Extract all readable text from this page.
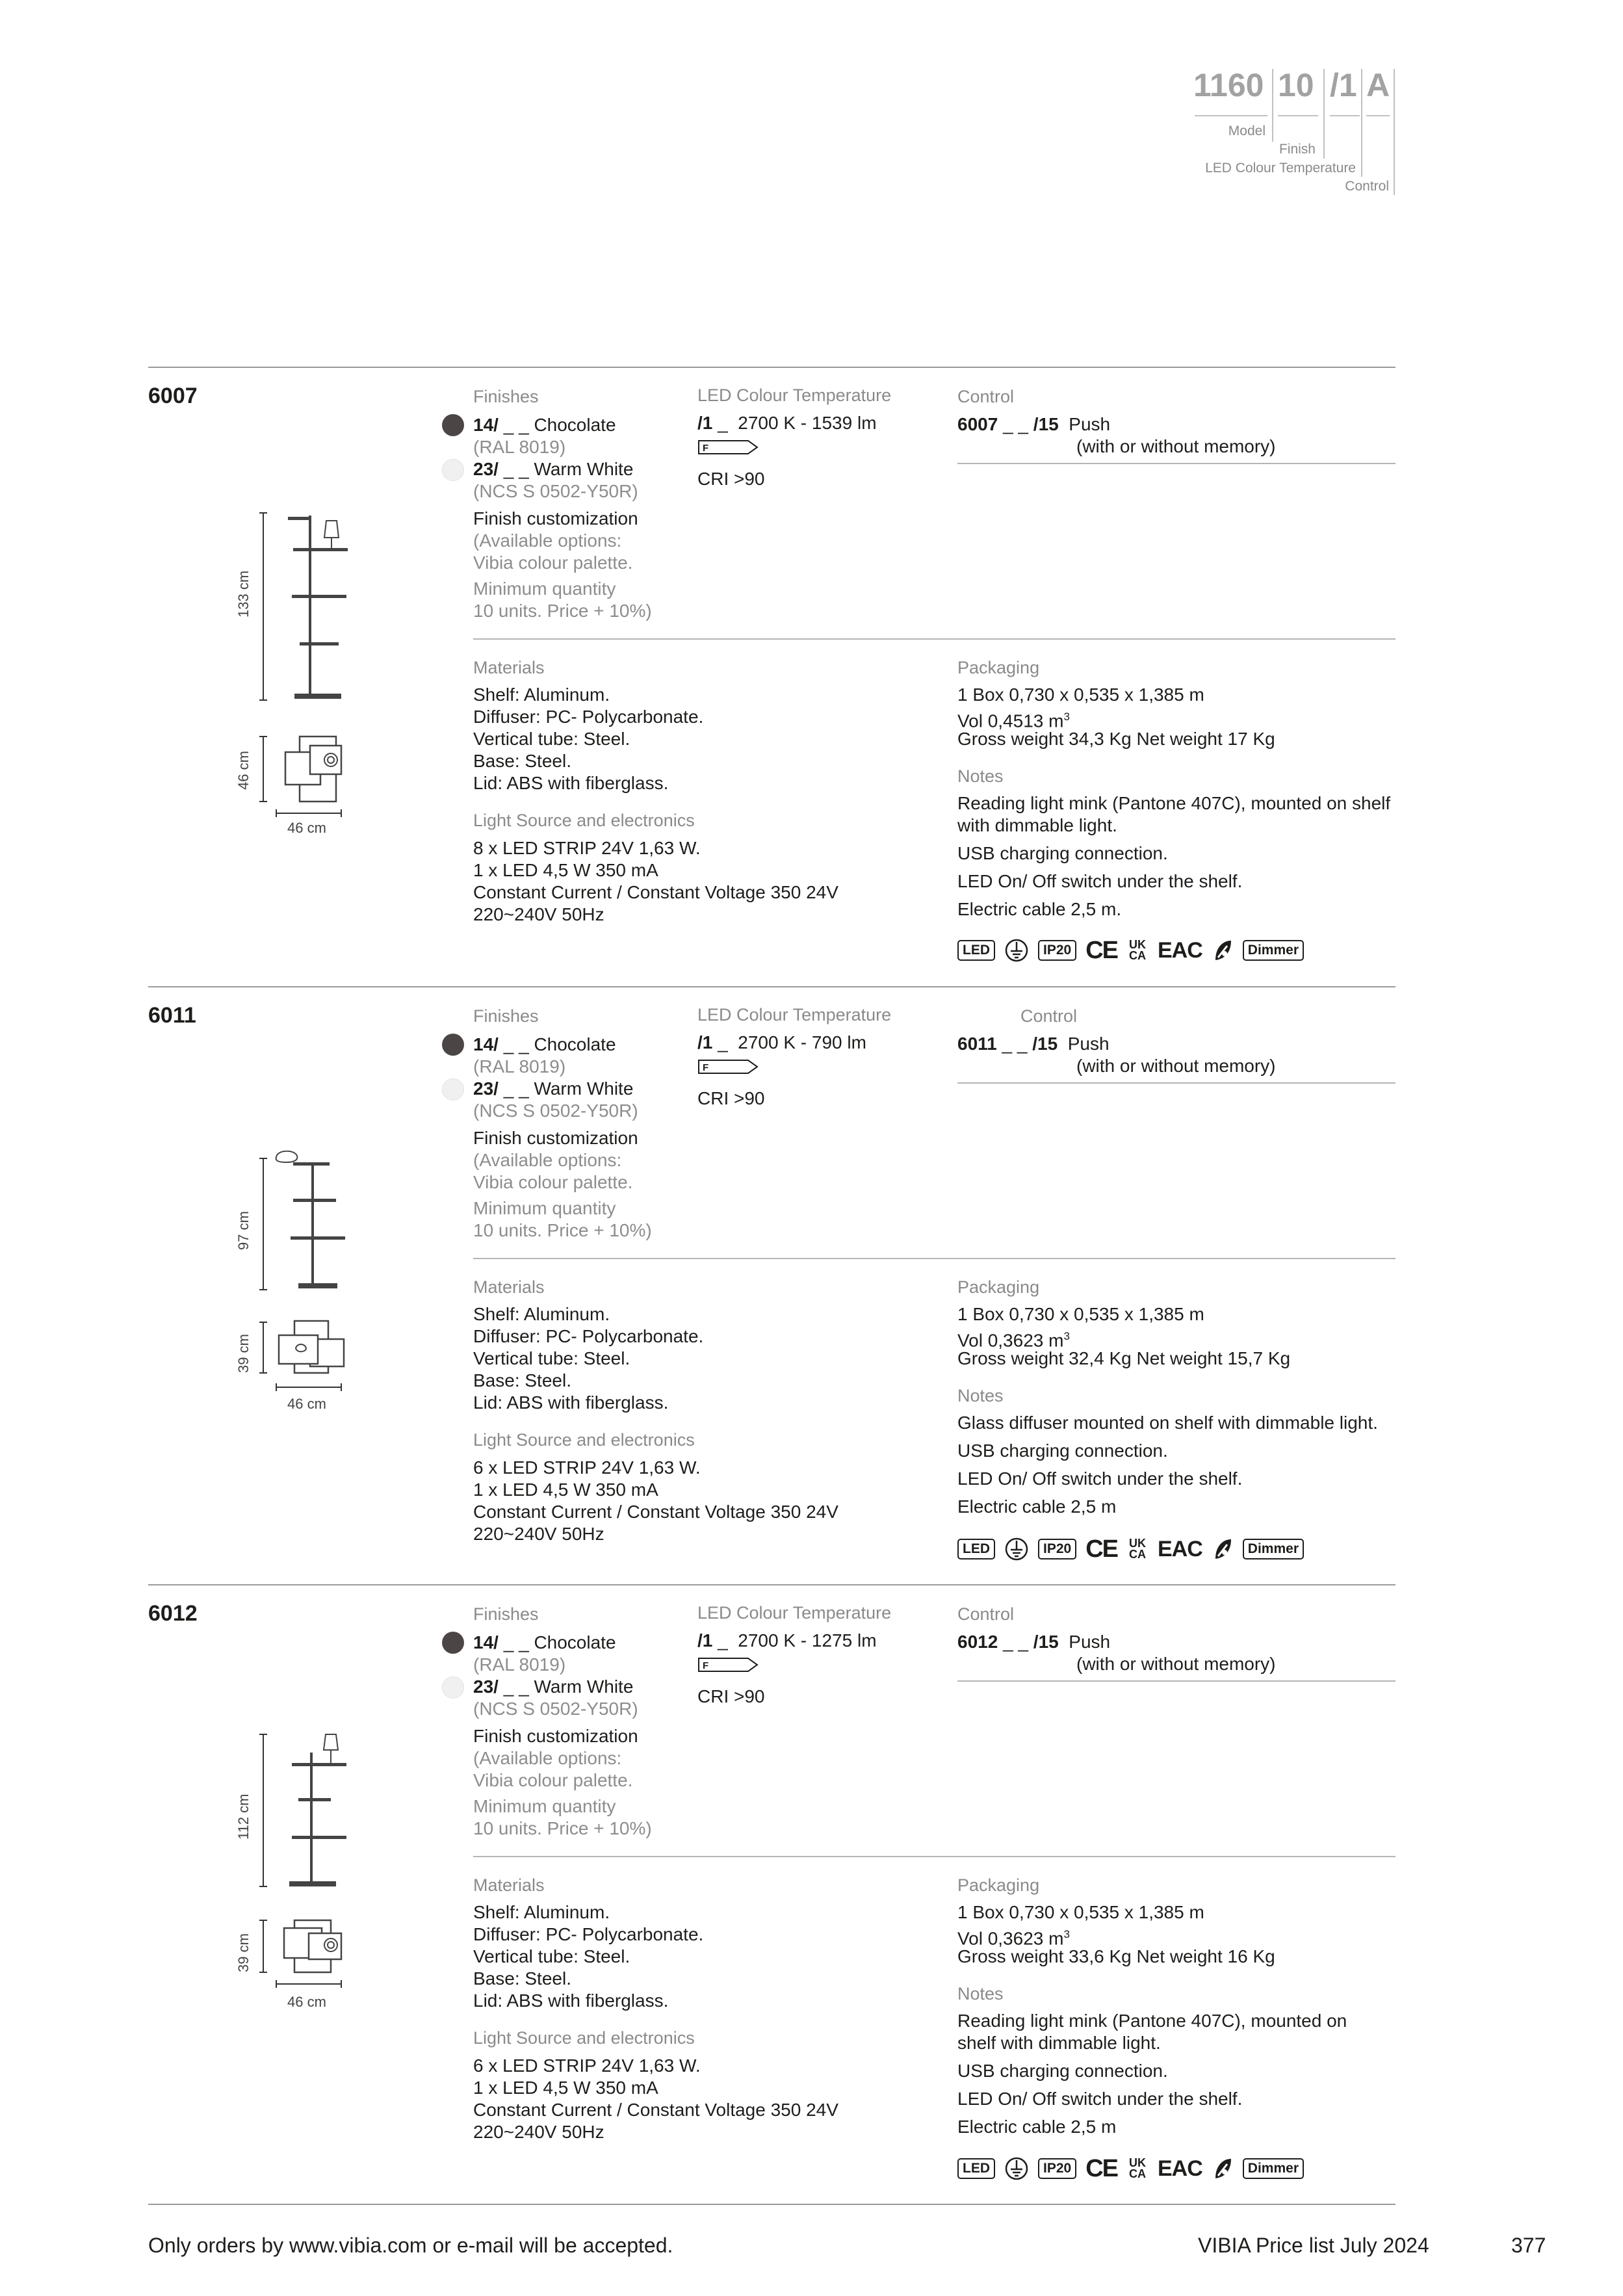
1160 10 /1 A
Model
Finish
LED Colour Temperature
Control
6007
133 cm
46 cm
46 cm
Finishes
14/ _ _ Chocolate
(RAL 8019)
23/ _ _ Warm White
(NCS S 0502-Y50R)
Finish customization
(Available options:
Vibia colour palette.
Minimum quantity
10 units. Price + 10%)
LED Colour Temperature
/1 _ 2700 K - 1539 lm
F
CRI >90
Control
6007 _ _ /15 Push
(with or without memory)
Materials
Shelf: Aluminum.
Diffuser: PC- Polycarbonate.
Vertical tube: Steel.
Base: Steel.
Lid: ABS with fiberglass.
Light Source and electronics
8 x LED STRIP 24V 1,63 W.
1 x LED 4,5 W 350 mA
Constant Current / Constant Voltage 350 24V
220~240V 50Hz
Packaging
1 Box 0,730 x 0,535 x 1,385 m
Vol 0,4513 $m^3$
Gross weight 34,3 Kg Net weight 17 Kg
Notes
Reading light mink (Pantone 407C), mounted on shelf
with dimmable light.
USB charging connection.
LED On/ Off switch under the shelf.
Electric cable 2,5 m.
LED	IP20 CE UK
CA EAC	Dimmer
6011
97 cm
39 cm
46 cm
Finishes
14/ _ _ Chocolate
(RAL 8019)
23/ _ _ Warm White
(NCS S 0502-Y50R)
Finish customization
(Available options:
Vibia colour palette.
Minimum quantity
10 units. Price + 10%)
LED Colour Temperature
/1 _ 2700 K - 790 lm
F
CRI >90
Control
6011 _ _ /15 Push
(with or without memory)
Materials
Shelf: Aluminum.
Diffuser: PC- Polycarbonate.
Vertical tube: Steel.
Base: Steel.
Lid: ABS with fiberglass.
Light Source and electronics
6 x LED STRIP 24V 1,63 W.
1 x LED 4,5 W 350 mA
Constant Current / Constant Voltage 350 24V
220~240V 50Hz
Packaging
1 Box 0,730 x 0,535 x 1,385 m
Vol 0,3623 $m^3$
Gross weight 32,4 Kg Net weight 15,7 Kg
Notes
Glass diffuser mounted on shelf with dimmable light.
USB charging connection.
LED On/ Off switch under the shelf.
Electric cable 2,5 m
LED	IP20 CE UK
CA EAC	Dimmer
6012
112 cm
39 cm
46 cm
Finishes
14/ _ _ Chocolate
(RAL 8019)
23/ _ _ Warm White
(NCS S 0502-Y50R)
Finish customization
(Available options:
Vibia colour palette.
Minimum quantity
10 units. Price + 10%)
LED Colour Temperature
/1 _ 2700 K - 1275 lm
F
CRI >90
Control
6012 _ _ /15 Push
(with or without memory)
Materials
Shelf: Aluminum.
Diffuser: PC- Polycarbonate.
Vertical tube: Steel.
Base: Steel.
Lid: ABS with fiberglass.
Light Source and electronics
6 x LED STRIP 24V 1,63 W.
1 x LED 4,5 W 350 mA
Constant Current / Constant Voltage 350 24V
220~240V 50Hz
Packaging
1 Box 0,730 x 0,535 x 1,385 m
Vol 0,3623 $m^3$
Gross weight 33,6 Kg Net weight 16 Kg
Notes
Reading light mink (Pantone 407C), mounted on
shelf with dimmable light.
USB charging connection.
LED On/ Off switch under the shelf.
Electric cable 2,5 m
LED	IP20 CE UK
CA EAC	Dimmer
Only orders by www.vibia.com or e-mail will be accepted.	VIBIA Price list July 2024	377
